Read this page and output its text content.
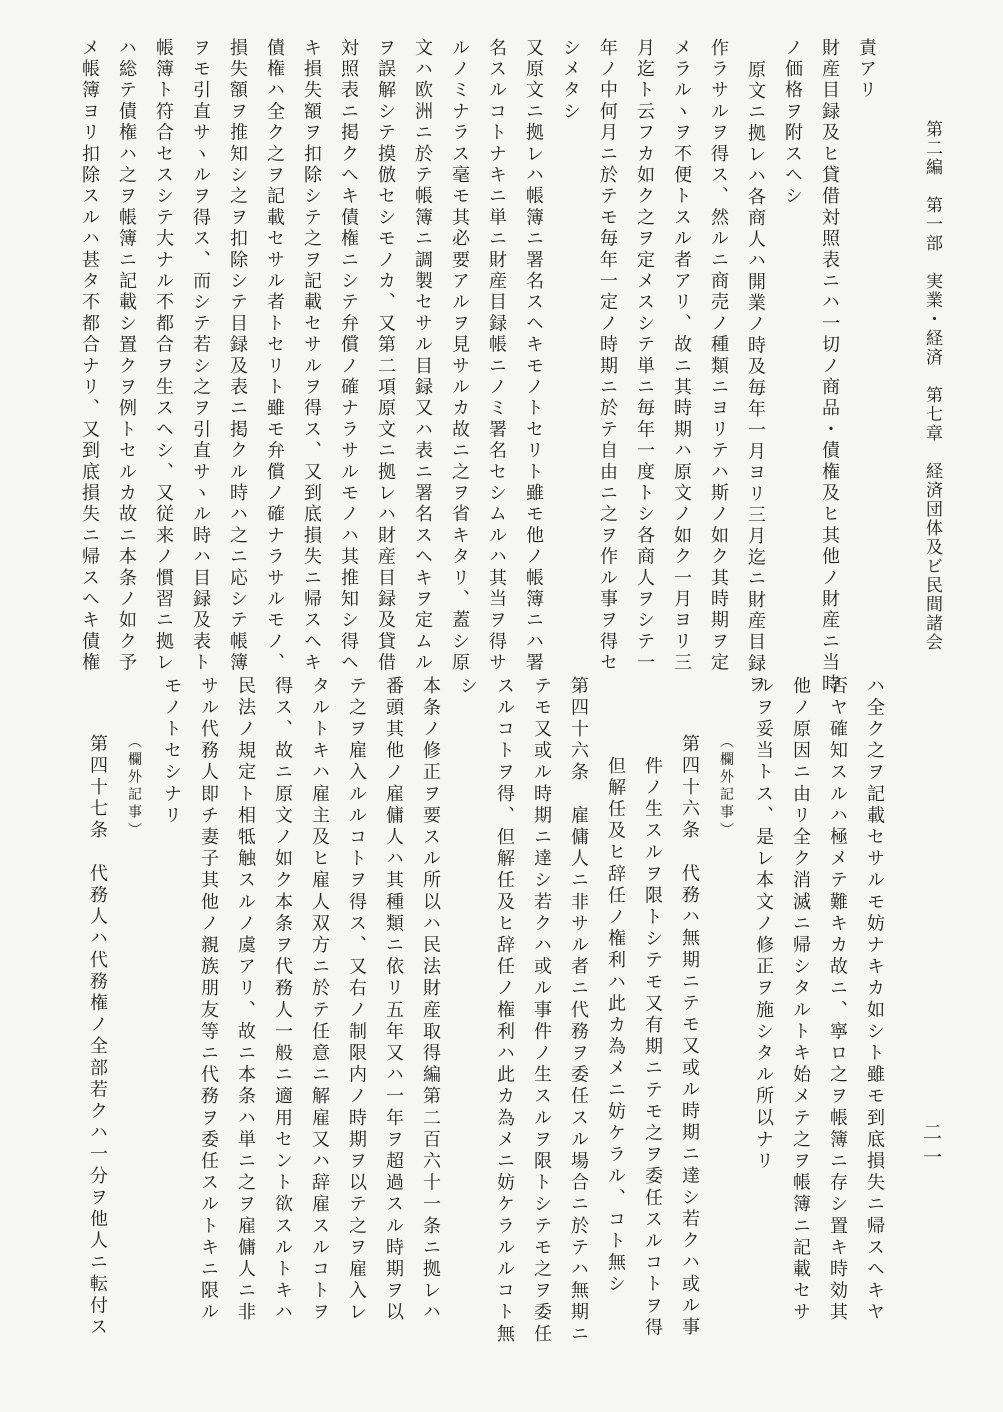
第二編　第一部　実業・経済　第七章　経済団体及ビ民間諸会
二一
責アリ
財産目録及ヒ貸借対照表ニハ一切ノ商品・債権及ヒ其他ノ財産ニ当時
ノ価格ヲ附スヘシ
原文ニ拠レハ各商人ハ開業ノ時及毎年一月ヨリ三月迄ニ財産目録ヲ
作ラサルヲ得ス、然ルニ商売ノ種類ニヨリテハ斯ノ如ク其時期ヲ定
メラルヽヲ不便トスル者アリ、故ニ其時期ハ原文ノ如ク一月ヨリ三
月迄ト云フカ如ク之ヲ定メスシテ単ニ毎年一度トシ各商人ヲシテ一
年ノ中何月ニ於テモ毎年一定ノ時期ニ於テ自由ニ之ヲ作ル事ヲ得セ
シメタシ
又原文ニ拠レハ帳簿ニ署名スヘキモノトセリト雖モ他ノ帳簿ニハ署
名スルコトナキニ単ニ財産目録帳ニノミ署名セシムルハ其当ヲ得サ
ルノミナラス毫モ其必要アルヲ見サルカ故ニ之ヲ省キタリ、蓋シ原
文ハ欧洲ニ於テ帳簿ニ調製セサル目録又ハ表ニ署名スヘキヲ定ムル
ヲ誤解シテ摸倣セシモノカ、又第二項原文ニ拠レハ財産目録及貸借
対照表ニ掲クヘキ債権ニシテ弁償ノ確ナラサルモノハ其推知シ得ヘ
キ損失額ヲ扣除シテ之ヲ記載セサルヲ得ス、又到底損失ニ帰スヘキ
債権ハ全ク之ヲ記載セサル者トセリト雖モ弁償ノ確ナラサルモノ、
損失額ヲ推知シ之ヲ扣除シテ目録及表ニ掲クル時ハ之ニ応シテ帳簿
ヲモ引直サヽルヲ得ス、而シテ若シ之ヲ引直サヽル時ハ目録及表ト
帳簿ト符合セスシテ大ナル不都合ヲ生スヘシ、又従来ノ慣習ニ拠レ
ハ総テ債権ハ之ヲ帳簿ニ記載シ置クヲ例トセルカ故ニ本条ノ如ク予
メ帳簿ヨリ扣除スルハ甚タ不都合ナリ、又到底損失ニ帰スヘキ債権
ハ全ク之ヲ記載セサルモ妨ナキカ如シト雖モ到底損失ニ帰スヘキヤ
否ヤ確知スルハ極メテ難キカ故ニ、寧ロ之ヲ帳簿ニ存シ置キ時効其
他ノ原因ニ由リ全ク消滅ニ帰シタルトキ始メテ之ヲ帳簿ニ記載セサ
ルヲ妥当トス、是レ本文ノ修正ヲ施シタル所以ナリ
（欄外記事）
第四十六条　代務ハ無期ニテモ又或ル時期ニ達シ若クハ或ル事
件ノ生スルヲ限トシテモ又有期ニテモ之ヲ委任スルコトヲ得
但解任及ヒ辞任ノ権利ハ此カ為メニ妨ケラル、コト無シ
第四十六条　雇傭人ニ非サル者ニ代務ヲ委任スル場合ニ於テハ無期ニ
テモ又或ル時期ニ達シ若クハ或ル事件ノ生スルヲ限トシテモ之ヲ委任
スルコトヲ得、但解任及ヒ辞任ノ権利ハ此カ為メニ妨ケラルルコト無
シ
本条ノ修正ヲ要スル所以ハ民法財産取得編第二百六十一条ニ拠レハ
番頭其他ノ雇傭人ハ其種類ニ依リ五年又ハ一年ヲ超過スル時期ヲ以
テ之ヲ雇入ルルコトヲ得ス、又右ノ制限内ノ時期ヲ以テ之ヲ雇入レ
タルトキハ雇主及ヒ雇人双方ニ於テ任意ニ解雇又ハ辞雇スルコトヲ
得ス、故ニ原文ノ如ク本条ヲ代務人一般ニ適用セント欲スルトキハ
民法ノ規定ト相牴触スルノ虞アリ、故ニ本条ハ単ニ之ヲ雇傭人ニ非
サル代務人即チ妻子其他ノ親族朋友等ニ代務ヲ委任スルトキニ限ル
モノトセシナリ
（欄外記事）
第四十七条　代務人ハ代務権ノ全部若クハ一分ヲ他人ニ転付ス
